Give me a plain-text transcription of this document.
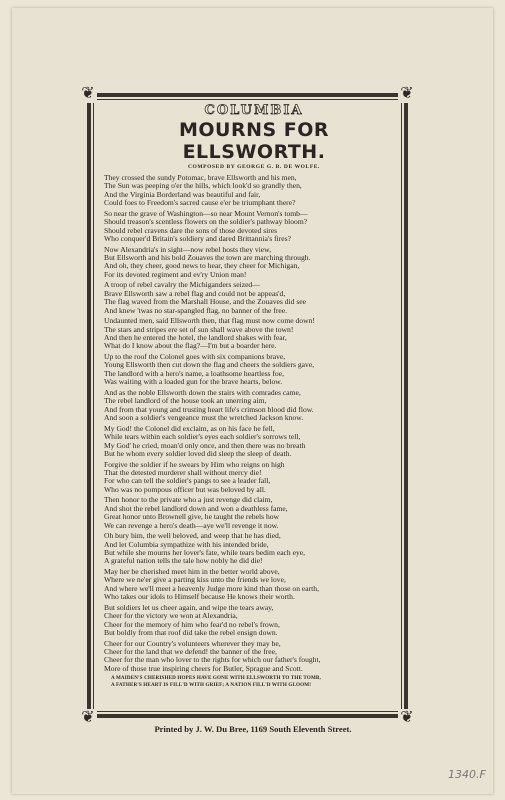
❦	❦
❦	❦
COLUMBIA
MOURNS FOR ELLSWORTH.
COMPOSED BY GEORGE G. B. DE WOLFE.
They crossed the sundy Potomac, brave Ellsworth and his men,
The Sun was peeping o'er the hills, which look'd so grandly then,
And the Virginia Borderland was beautiful and fair,
Could foes to Freedom's sacred cause e'er be triumphant there?
So near the grave of Washington—so near Mount Vernon's tomb—
Should treason's scentless flowers on the soldier's pathway bloom?
Should rebel cravens dare the sons of those devoted sires
Who conquer'd Britain's soldiery and dared Brittannia's fires?
Now Alexandria's in sight—now rebel hosts they view,
But Ellsworth and his bold Zouaves the town are marching through.
And oh, they cheer, good news to hear, they cheer for Michigan,
For its devoted regiment and ev'ry Union man!
A troop of rebel cavalry the Michiganders seized—
Brave Ellsworth saw a rebel flag and could not be appeas'd,
The flag waved from the Marshall House, and the Zouaves did see
And knew 'twas no star-spangled flag, no banner of the free.
Undaunted men, said Ellsworth then, that flag must now come down!
The stars and stripes ere set of sun shall wave above the town!
And then he entered the hotel, the landlord shakes with fear,
What do I know about the flag?—I'm but a boarder here.
Up to the roof the Colonel goes with six companions brave,
Young Ellsworth then cut down the flag and cheers the soldiers gave,
The landlord with a hero's name, a loathsome heartless foe,
Was waiting with a loaded gun for the brave hearts, below.
And as the noble Ellsworth down the stairs with comrades came,
The rebel landlord of the house took an unerring aim,
And from that young and trusting heart life's crimson blood did flow.
And soon a soldier's vengeance must the wretched Jackson know.
My God! the Colonel did exclaim, as on his face he fell,
While tears within each soldier's eyes each soldier's sorrows tell,
My God' he cried, moan'd only once, and then there was no breath
But he whom every soldier loved did sleep the sleep of death.
Forgive the soldier if he swears by Him who reigns on high
That the detested murderer shall without mercy die!
For who can tell the soldier's pangs to see a leader fall,
Who was no pompous officer but was beloved by all.
Then honor to the private who a just revenge did claim,
And shot the rebel landlord down and won a deathless fame,
Great honor unto Brownell give, he taught the rebels how
We can revenge a hero's death—aye we'll revenge it now.
Oh bury him, the well beloved, and weep that he has died,
And let Columbia sympathize with his intended bride,
But while she mourns her lover's fate, while tears bedim each eye,
A grateful nation tells the tale how nobly he did die!
May her be cherished meet him in the better world above,
Where we ne'er give a parting kiss unto the friends we love,
And where we'll meet a heavenly Judge more kind than those on earth,
Who takes our idols to Himself because He knows their worth.
But soldiers let us cheer again, and wipe the tears away,
Cheer for the victory we won at Alexandria,
Cheer for the memory of him who fear'd no rebel's frown,
But boldly from that roof did take the rebel ensign down.
Cheer for our Country's volunteers wherever they may be,
Cheer for the land that we defend! the banner of the free,
Cheer for the man who lover to the rights for which our father's fought,
More of those true inspiring cheers for Butler, Sprague and Scott.
A MAIDEN'S CHERISHED HOPES HAVE GONE WITH ELLSWORTH TO THE TOMB,
A FATHER'S HEART IS FILL'D WITH GRIEF; A NATION FILL'D WITH GLOOM!
Printed by J. W. Du Bree, 1169 South Eleventh Street.
1340.F
